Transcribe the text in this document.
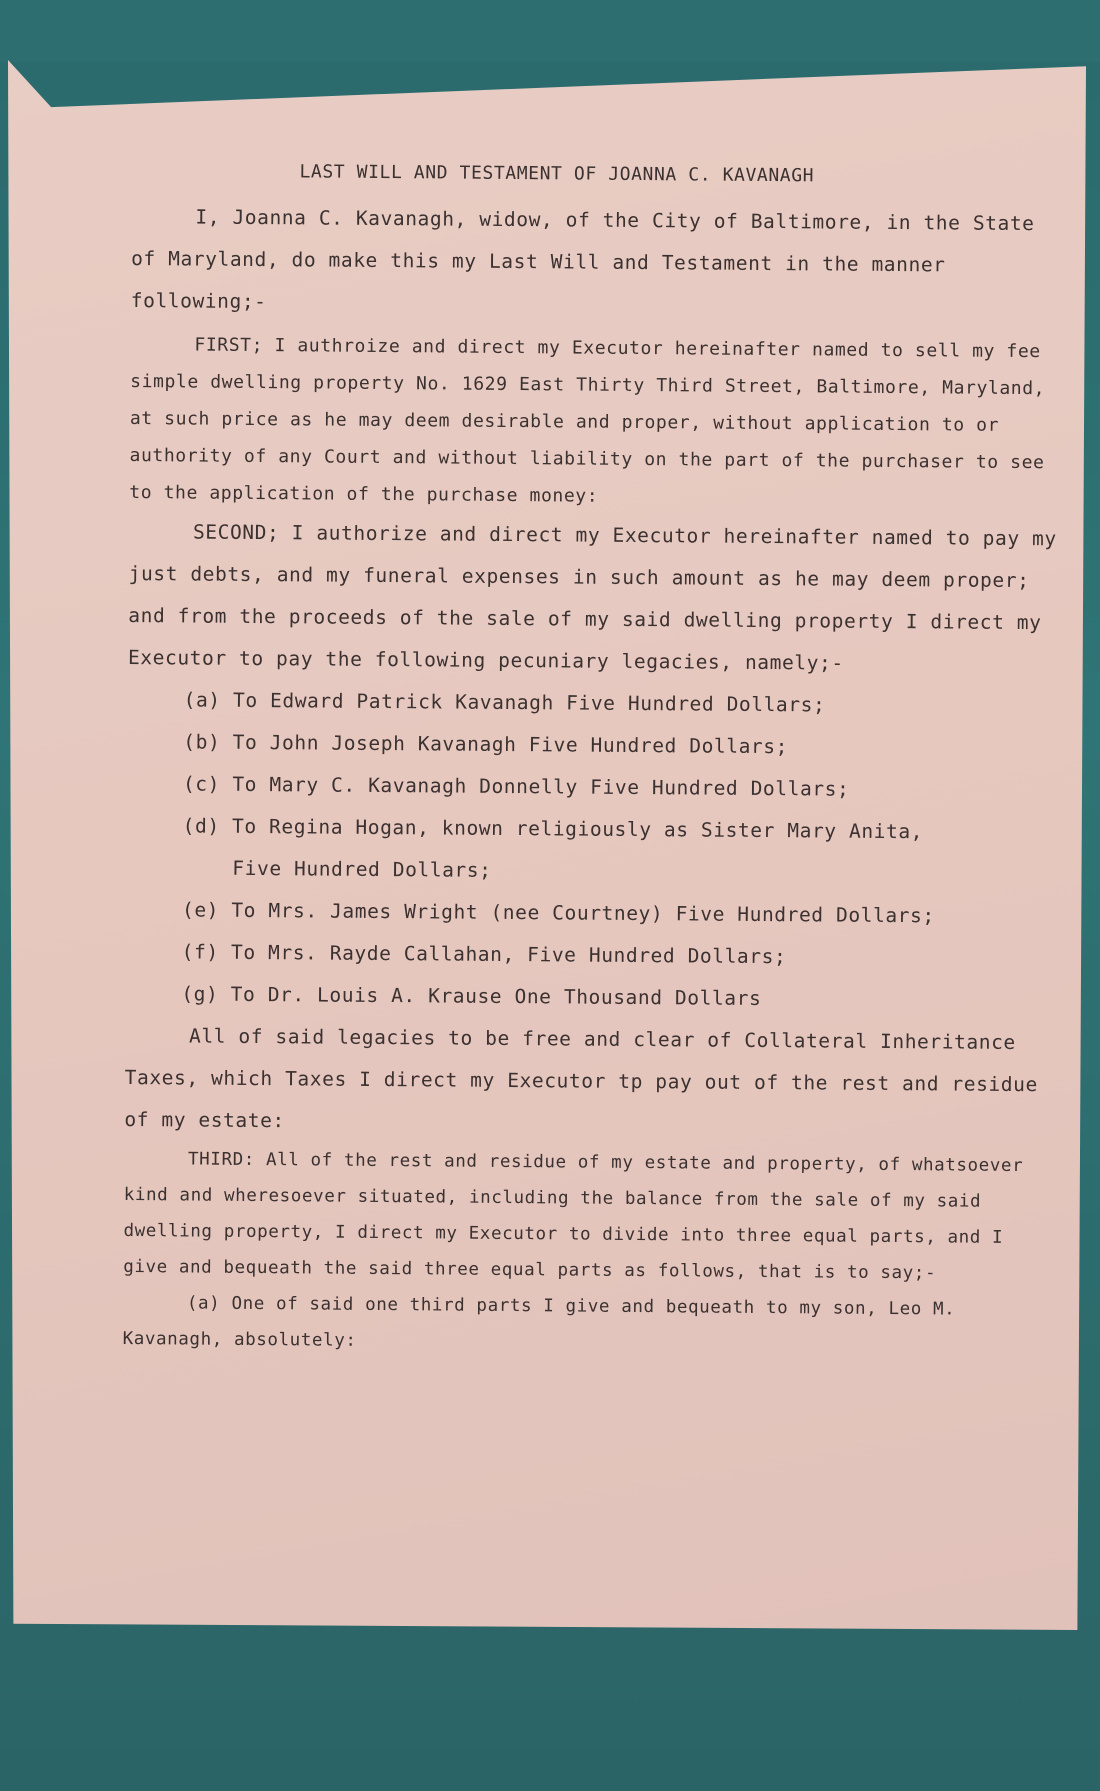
LAST WILL AND TESTAMENT OF JOANNA C. KAVANAGH

I, Joanna C. Kavanagh, widow, of the City of Baltimore, in the State of Maryland, do make this my Last Will and Testament in the manner following;-

FIRST; I authroize and direct my Executor hereinafter named to sell my fee simple dwelling property No. 1629 East Thirty Third Street, Baltimore, Maryland, at such price as he may deem desirable and proper, without application to or authority of any Court and without liability on the part of the purchaser to see to the application of the purchase money:

SECOND; I authorize and direct my Executor hereinafter named to pay my just debts, and my funeral expenses in such amount as he may deem proper; and from the proceeds of the sale of my said dwelling property I direct my Executor to pay the following pecuniary legacies, namely;-

(a) To Edward Patrick Kavanagh Five Hundred Dollars;

(b) To John Joseph Kavanagh Five Hundred Dollars;

(c) To Mary C. Kavanagh Donnelly Five Hundred Dollars;

(d) To Regina Hogan, known religiously as Sister Mary Anita,
Five Hundred Dollars;

(e) To Mrs. James Wright (nee Courtney) Five Hundred Dollars;

(f) To Mrs. Rayde Callahan, Five Hundred Dollars;

(g) To Dr. Louis A. Krause One Thousand Dollars

All of said legacies to be free and clear of Collateral Inheritance Taxes, which Taxes I direct my Executor tp pay out of the rest and residue of my estate:

THIRD: All of the rest and residue of my estate and property, of whatsoever kind and wheresoever situated, including the balance from the sale of my said dwelling property, I direct my Executor to divide into three equal parts, and I give and bequeath the said three equal parts as follows, that is to say;-

(a) One of said one third parts I give and bequeath to my son, Leo M. Kavanagh, absolutely:
